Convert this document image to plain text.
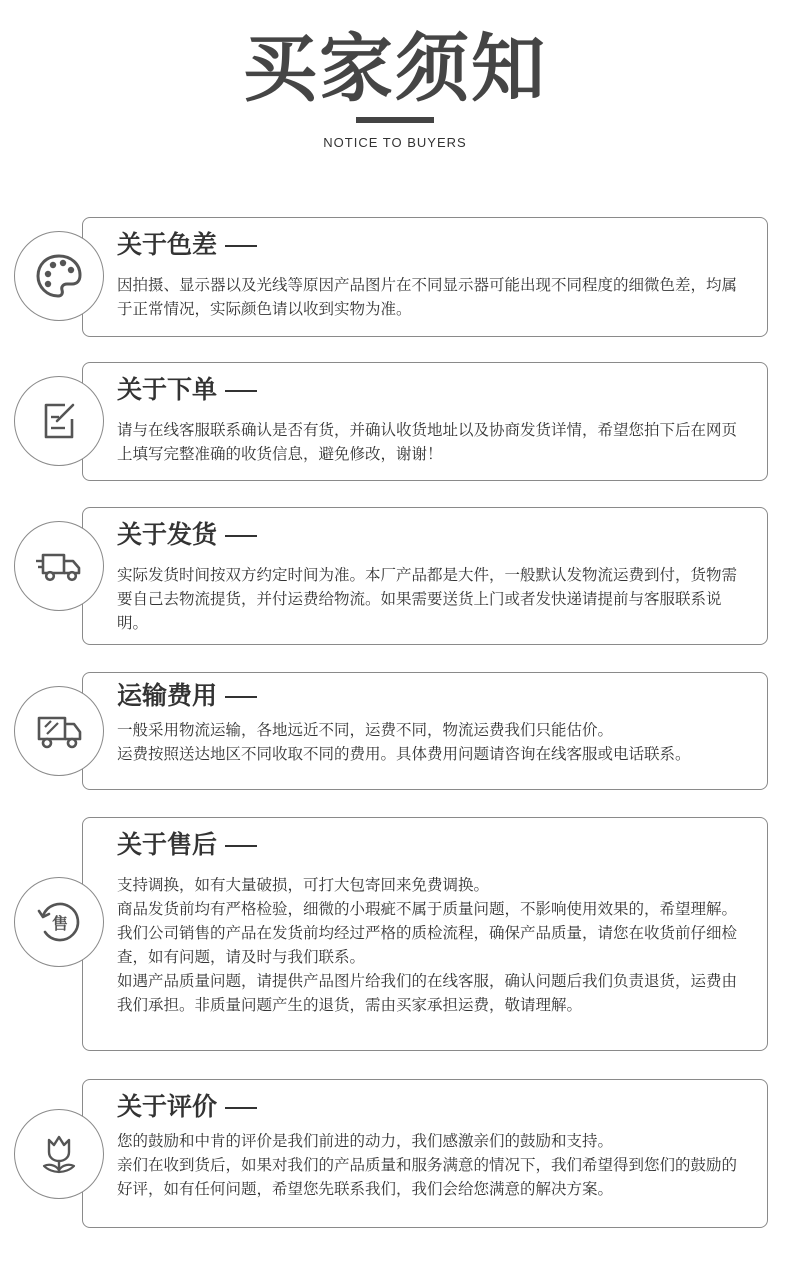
买家须知
NOTICE TO BUYERS
关于色差

因拍摄、显示器以及光线等原因产品图片在不同显示器可能出现不同程度的细微色差，均属于正常情况，实际颜色请以收到实物为准。

关于下单

请与在线客服联系确认是否有货，并确认收货地址以及协商发货详情，希望您拍下后在网页上填写完整准确的收货信息，避免修改，谢谢！

关于发货

实际发货时间按双方约定时间为准。本厂产品都是大件，一般默认发物流运费到付，货物需要自己去物流提货，并付运费给物流。如果需要送货上门或者发快递请提前与客服联系说明。

运输费用

一般采用物流运输，各地远近不同，运费不同，物流运费我们只能估价。

运费按照送达地区不同收取不同的费用。具体费用问题请咨询在线客服或电话联系。

关于售后

支持调换，如有大量破损，可打大包寄回来免费调换。

商品发货前均有严格检验，细微的小瑕疵不属于质量问题，不影响使用效果的，希望理解。

我们公司销售的产品在发货前均经过严格的质检流程，确保产品质量，请您在收货前仔细检查，如有问题，请及时与我们联系。

如遇产品质量问题，请提供产品图片给我们的在线客服，确认问题后我们负责退货，运费由我们承担。非质量问题产生的退货，需由买家承担运费，敬请理解。

售
关于评价

您的鼓励和中肯的评价是我们前进的动力，我们感激亲们的鼓励和支持。

亲们在收到货后，如果对我们的产品质量和服务满意的情况下，我们希望得到您们的鼓励的好评，如有任何问题，希望您先联系我们，我们会给您满意的解决方案。
